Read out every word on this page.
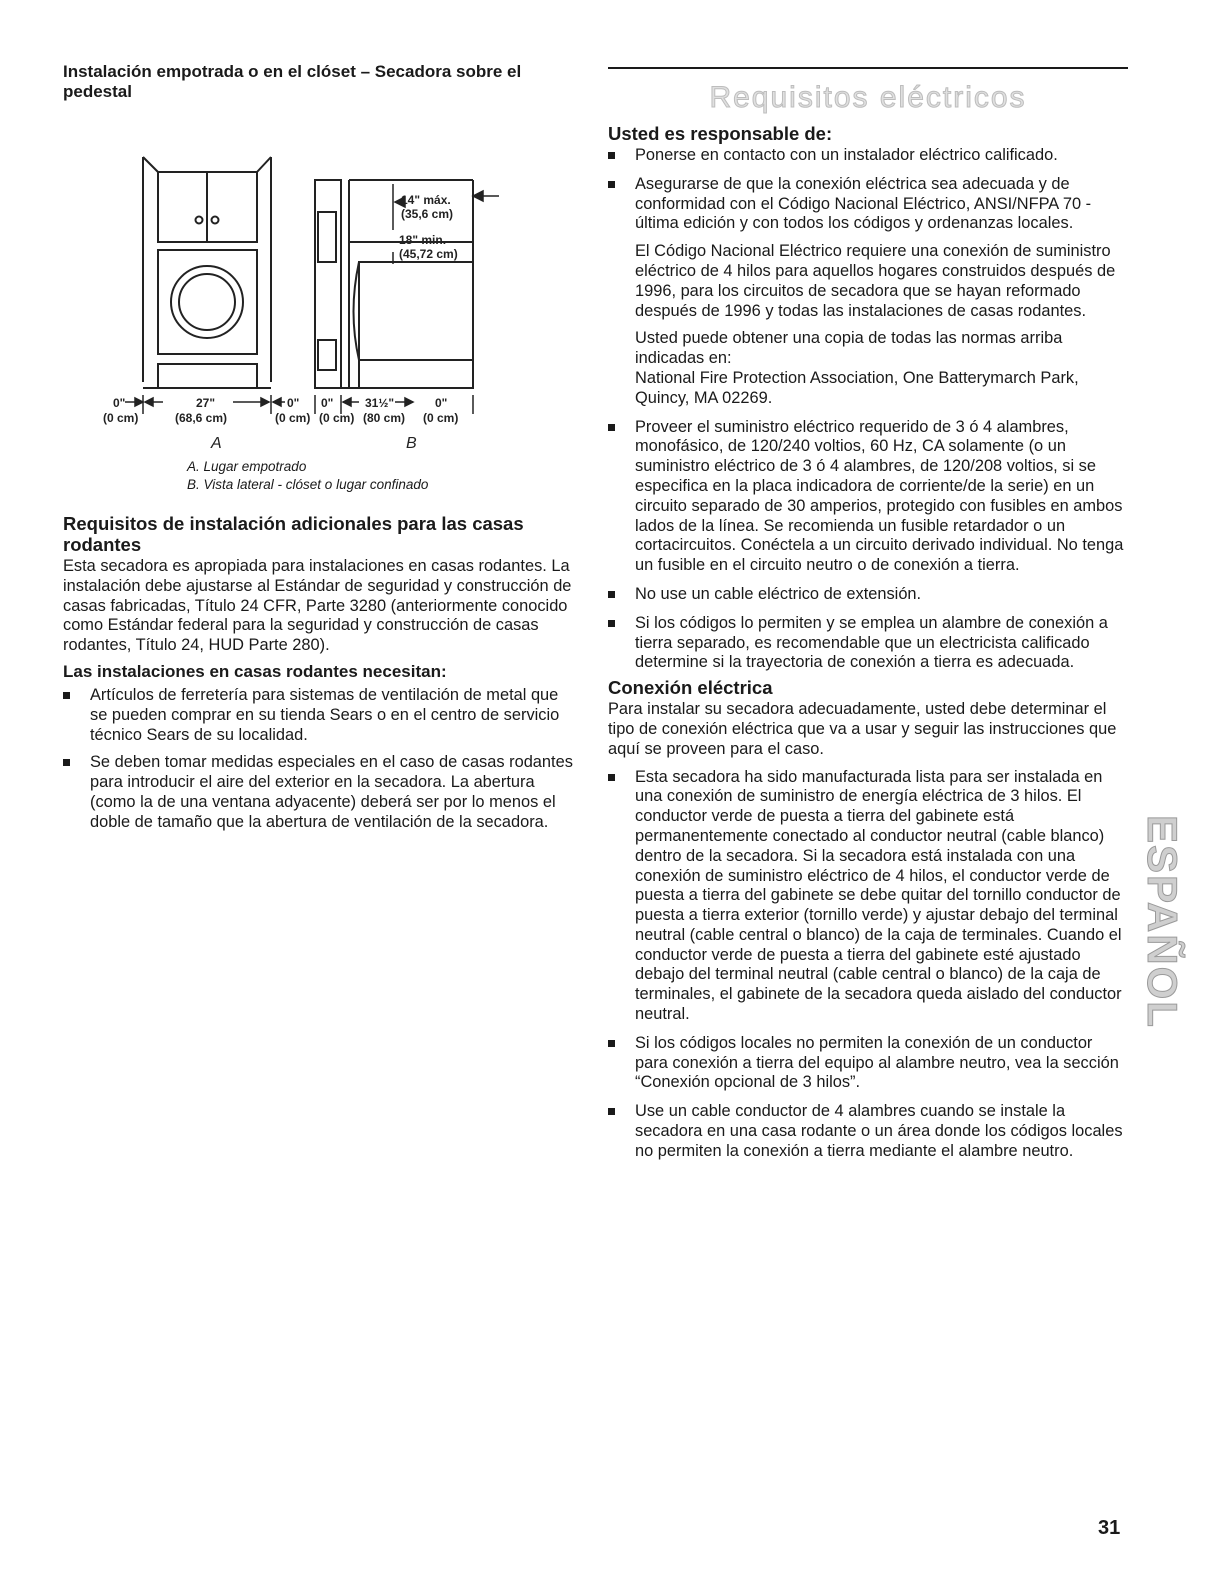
Instalación empotrada o en el clóset – Secadora sobre el pedestal

14" máx.
(35,6 cm)
18" min.
(45,72 cm)
0"
(0 cm)
27"
(68,6 cm)
0"
(0 cm)
0"
(0 cm)
31½"
(80 cm)
0"
(0 cm)
A	B
A. Lugar empotrado
B. Vista lateral - clóset o lugar confinado

Requisitos de instalación adicionales para las casas rodantes

Esta secadora es apropiada para instalaciones en casas rodantes. La instalación debe ajustarse al Estándar de seguridad y construcción de casas fabricadas, Título 24 CFR, Parte 3280 (anteriormente conocido como Estándar federal para la seguridad y construcción de casas rodantes, Título 24, HUD Parte 280).

Las instalaciones en casas rodantes necesitan:

Artículos de ferretería para sistemas de ventilación de metal que se pueden comprar en su tienda Sears o en el centro de servicio técnico Sears de su localidad.
Se deben tomar medidas especiales en el caso de casas rodantes para introducir el aire del exterior en la secadora. La abertura (como la de una ventana adyacente) deberá ser por lo menos el doble de tamaño que la abertura de ventilación de la secadora.
Requisitos eléctricos

Usted es responsable de:

Ponerse en contacto con un instalador eléctrico calificado.
Asegurarse de que la conexión eléctrica sea adecuada y de conformidad con el Código Nacional Eléctrico, ANSI/NFPA 70 - última edición y con todos los códigos y ordenanzas locales.
El Código Nacional Eléctrico requiere una conexión de suministro eléctrico de 4 hilos para aquellos hogares construidos después de 1996, para los circuitos de secadora que se hayan reformado después de 1996 y todas las instalaciones de casas rodantes.
Usted puede obtener una copia de todas las normas arriba indicadas en:
National Fire Protection Association, One Batterymarch Park, Quincy, MA 02269.
Proveer el suministro eléctrico requerido de 3 ó 4 alambres, monofásico, de 120/240 voltios, 60 Hz, CA solamente (o un suministro eléctrico de 3 ó 4 alambres, de 120/208 voltios, si se especifica en la placa indicadora de corriente/de la serie) en un circuito separado de 30 amperios, protegido con fusibles en ambos lados de la línea. Se recomienda un fusible retardador o un cortacircuitos. Conéctela a un circuito derivado individual. No tenga un fusible en el circuito neutro o de conexión a tierra.
No use un cable eléctrico de extensión.
Si los códigos lo permiten y se emplea un alambre de conexión a tierra separado, es recomendable que un electricista calificado determine si la trayectoria de conexión a tierra es adecuada.

Conexión eléctrica

Para instalar su secadora adecuadamente, usted debe determinar el tipo de conexión eléctrica que va a usar y seguir las instrucciones que aquí se proveen para el caso.

Esta secadora ha sido manufacturada lista para ser instalada en una conexión de suministro de energía eléctrica de 3 hilos. El conductor verde de puesta a tierra del gabinete está permanentemente conectado al conductor neutral (cable blanco) dentro de la secadora. Si la secadora está instalada con una conexión de suministro eléctrico de 4 hilos, el conductor verde de puesta a tierra del gabinete se debe quitar del tornillo conductor de puesta a tierra exterior (tornillo verde) y ajustar debajo del terminal neutral (cable central o blanco) de la caja de terminales. Cuando el conductor verde de puesta a tierra del gabinete esté ajustado debajo del terminal neutral (cable central o blanco) de la caja de terminales, el gabinete de la secadora queda aislado del conductor neutral.
Si los códigos locales no permiten la conexión de un conductor para conexión a tierra del equipo al alambre neutro, vea la sección “Conexión opcional de 3 hilos”.
Use un cable conductor de 4 alambres cuando se instale la secadora en una casa rodante o un área donde los códigos locales no permiten la conexión a tierra mediante el alambre neutro.
ESPAÑOL
31
